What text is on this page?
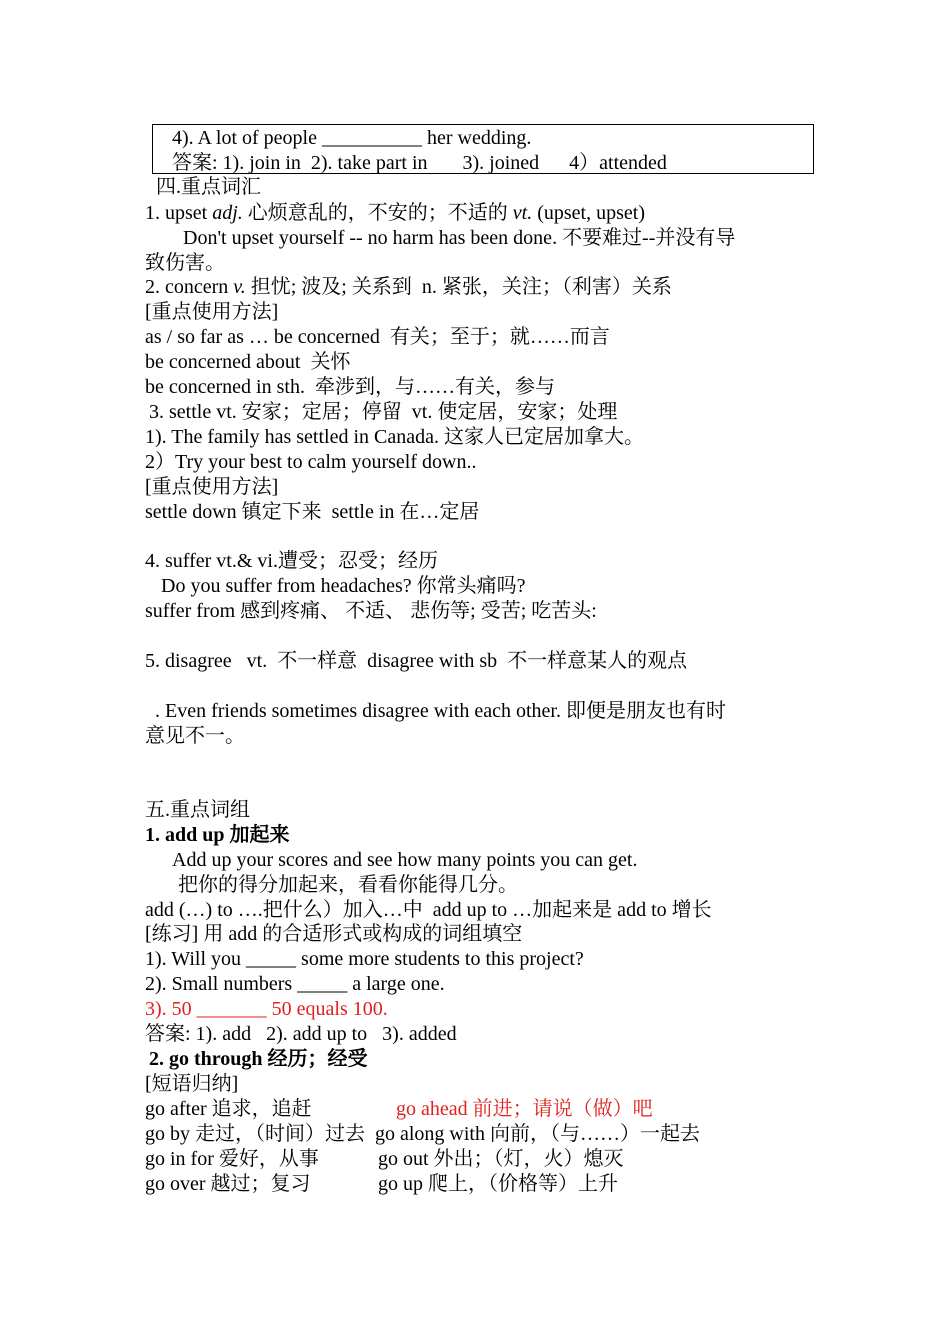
4). A lot of people __________ her wedding.
答案: 1). join in  2). take part in       3). joined      4）attended
四.重点词汇
1. upset adj. 心烦意乱的，不安的；不适的 vt. (upset, upset)
Don't upset yourself -- no harm has been done. 不要难过--并没有导
致伤害。
2. concern v. 担忧; 波及; 关系到  n. 紧张，关注；（利害）关系
[重点使用方法]
as / so far as … be concerned  有关；至于；就……而言
be concerned about  关怀
be concerned in sth.  牵涉到，与……有关，参与
3. settle vt. 安家；定居；停留  vt. 使定居，安家；处理
1). The family has settled in Canada. 这家人已定居加拿大。
2）Try your best to calm yourself down..
[重点使用方法]
settle down 镇定下来  settle in 在…定居
4. suffer vt.& vi.遭受；忍受；经历
Do you suffer from headaches? 你常头痛吗?
suffer from 感到疼痛、 不适、 悲伤等; 受苦; 吃苦头:
5. disagree   vt.  不一样意  disagree with sb  不一样意某人的观点
. Even friends sometimes disagree with each other. 即便是朋友也有时
意见不一。
五.重点词组
1. add up 加起来
Add up your scores and see how many points you can get.
把你的得分加起来，看看你能得几分。
add (…) to ….把什么）加入…中  add up to …加起来是 add to 增长
[练习] 用 add 的合适形式或构成的词组填空
1). Will you _____ some more students to this project?
2). Small numbers _____ a large one.
3). 50 _______ 50 equals 100.
答案: 1). add   2). add up to   3). added
2. go through 经历；经受
[短语归纳]
go after 追求，追赶	go ahead 前进；请说（做）吧
go by 走过，（时间）过去  go along with 向前，（与……）一起去
go in for 爱好，从事	go out 外出；（灯，火）熄灭
go over 越过；复习	go up 爬上，（价格等）上升
